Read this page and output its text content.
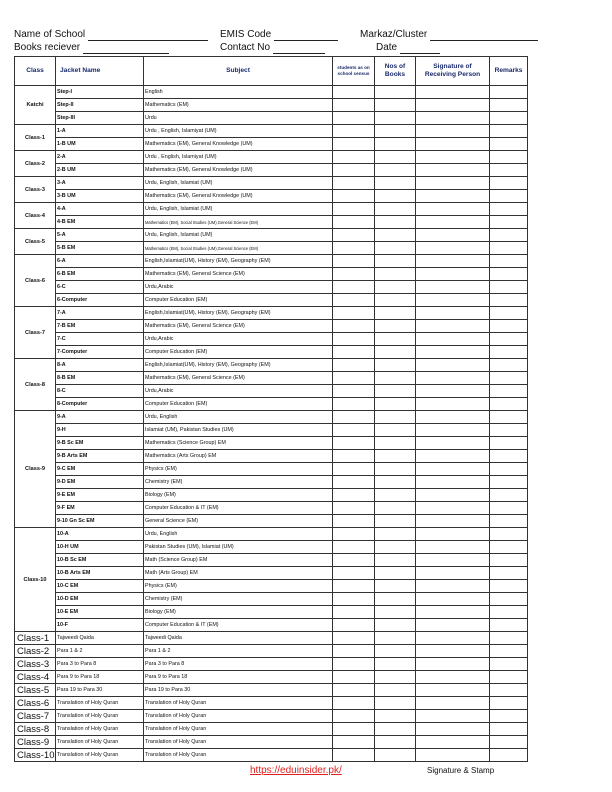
Name of School	EMIS Code	Markaz/Cluster
Books reciever	Contact No	Date
Class	Jacket Name	Subject	students as on school census	Nos of Books	Signature of Receiving Person	Remarks
Katchi	Step-I	English				
	Step-II	Mathematics (EM)				
	Step-III	Urdu				
Class-1	1-A	Urdu , English, Islamiyat (UM)				
	1-B UM	Mathematics (EM), General Knowledge (UM)				
Class-2	2-A	Urdu , English, Islamiyat (UM)				
	2-B UM	Mathematics (EM), General Knowledge (UM)				
Class-3	3-A	Urdu, English, Islamiat (UM)				
	3-B UM	Mathematics (EM), General Knowledge (UM)				
Class-4	4-A	Urdu, English, Islamiat (UM)				
	4-B EM	Mathematics (EM), Social Studies (UM),General Science (EM)				
Class-5	5-A	Urdu, English, Islamiat (UM)				
	5-B EM	Mathematics (EM), Social Studies (UM),General Science (EM)				
Class-6	6-A	English,Islamiat(UM), History (EM), Geography (EM)				
	6-B EM	Mathematics (EM), General Science (EM)				
	6-C	Urdu,Arabic				
	6-Computer	Computer Education (EM)				
Class-7	7-A	English,Islamiat(UM), History (EM), Geography (EM)				
	7-B EM	Mathematics (EM), General Science (EM)				
	7-C	Urdu,Arabic				
	7-Computer	Computer Education (EM)				
Class-8	8-A	English,Islamiat(UM), History (EM), Geography (EM)				
	8-B EM	Mathematics (EM), General Science (EM)				
	8-C	Urdu,Arabic				
	8-Computer	Computer Education (EM)				
Class-9	9-A	Urdu, English				
	9-H	Islamiat (UM), Pakistan Studies (UM)				
	9-B Sc EM	Mathematics (Science Group) EM				
	9-B Arts EM	Mathematics (Arts Group) EM				
	9-C EM	Physics (EM)				
	9-D EM	Chemistry (EM)				
	9-E EM	Biology (EM)				
	9-F EM	Computer Education & IT (EM)				
	9-10 Gn Sc EM	General Science (EM)				
Class-10	10-A	Urdu, English				
	10-H UM	Pakistan Studies (UM), Islamiat (UM)				
	10-B Sc EM	Math (Science Group) EM				
	10-B Arts EM	Math (Arts Group) EM				
	10-C EM	Physics (EM)				
	10-D EM	Chemistry (EM)				
	10-E EM	Biology (EM)				
	10-F	Computer Education & IT (EM)				
Class-1	Tajweedi Qaida	Tajweedi Qaida				
Class-2	Para 1 & 2	Para 1 & 2				
Class-3	Para 3 to Para 8	Para 3 to Para 8				
Class-4	Para 9 to Para 18	Para 9 to Para 18				
Class-5	Para 19 to Para 30	Para 19 to Para 30				
Class-6	Translation of Holy Quran	Translation of Holy Quran				
Class-7	Translation of Holy Quran	Translation of Holy Quran				
Class-8	Translation of Holy Quran	Translation of Holy Quran				
Class-9	Translation of Holy Quran	Translation of Holy Quran				
Class-10	Translation of Holy Quran	Translation of Holy Quran				
https://eduinsider.pk/	Signature & Stamp
